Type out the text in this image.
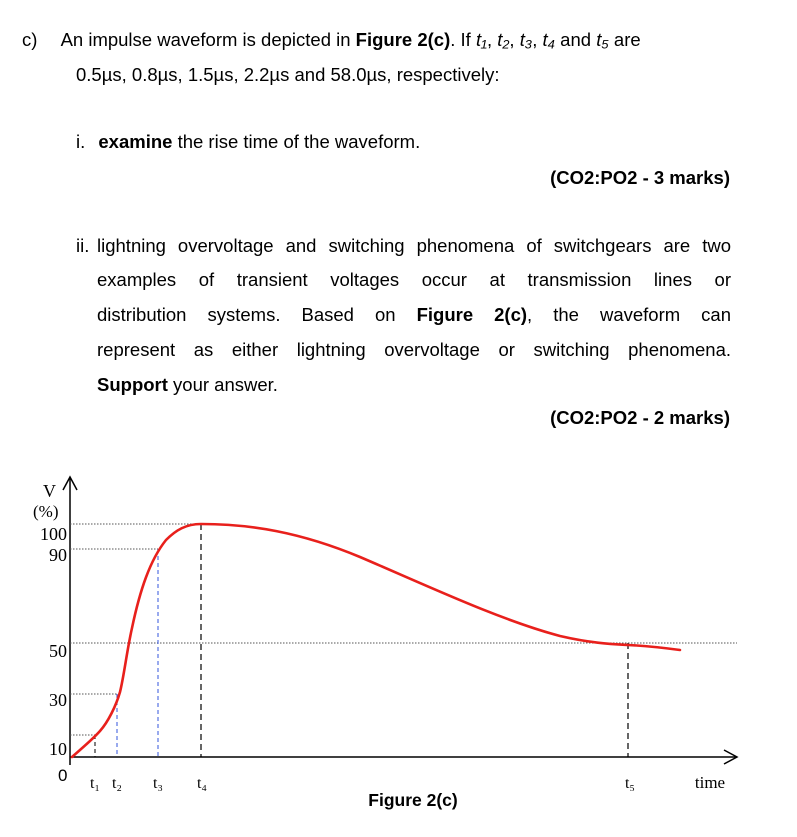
c) An impulse waveform is depicted in Figure 2(c). If t₁, t₂, t₃, t₄ and t₅ are
0.5µs, 0.8µs, 1.5µs, 2.2µs and 58.0µs, respectively:
i. examine the rise time of the waveform.
(CO2:PO2 - 3 marks)
ii. lightning overvoltage and switching phenomena of switchgears are two
examples of transient voltages occur at transmission lines or
distribution systems. Based on Figure 2(c), the waveform can
represent as either lightning overvoltage or switching phenomena.
Support your answer.
(CO2:PO2 - 2 marks)
V
(%)
100
90
50
30
10
0 t₁ t₂ t₃ t₄	t₅	time
Figure 2(c)
